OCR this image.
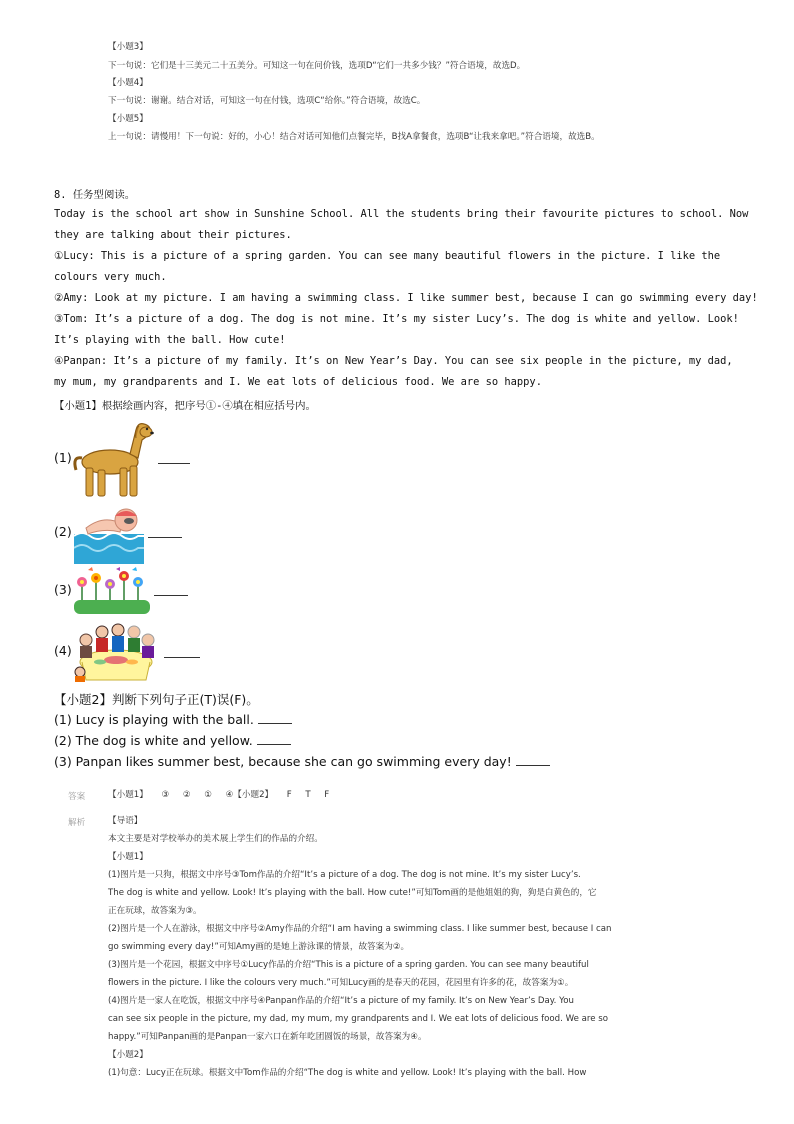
【小题3】
下一句说：它们是十三美元二十五美分。可知这一句在问价钱，选项D“它们一共多少钱？”符合语境，故选D。
【小题4】
下一句说：谢谢。结合对话，可知这一句在付钱，选项C“给你。”符合语境，故选C。
【小题5】
上一句说：请慢用！下一句说：好的，小心！结合对话可知他们点餐完毕，B找A拿餐食，选项B“让我来拿吧。”符合语境，故选B。
8. 任务型阅读。
Today is the school art show in Sunshine School. All the students bring their favourite pictures to school. Now
they are talking about their pictures.
①Lucy: This is a picture of a spring garden. You can see many beautiful flowers in the picture. I like the
colours very much.
②Amy: Look at my picture. I am having a swimming class. I like summer best, because I can go swimming every day!
③Tom: It’s a picture of a dog. The dog is not mine. It’s my sister Lucy’s. The dog is white and yellow. Look!
It’s playing with the ball. How cute!
④Panpan: It’s a picture of my family. It’s on New Year’s Day. You can see six people in the picture, my dad,
my mum, my grandparents and I. We eat lots of delicious food. We are so happy.
【小题1】根据绘画内容，把序号①-④填在相应括号内。
(1)
(2)
(3)
(4)
【小题2】判断下列句子正(T)误(F)。
(1) Lucy is playing with the ball.
(2) The dog is white and yellow.
(3) Panpan likes summer best, because she can go swimming every day!
答案	【小题1】     ③     ②     ①     ④【小题2】     F     T     F
解析	【导语】
本文主要是对学校举办的美术展上学生们的作品的介绍。
【小题1】
(1)图片是一只狗，根据文中序号③Tom作品的介绍“It’s a picture of a dog. The dog is not mine. It’s my sister Lucy’s.
The dog is white and yellow. Look! It’s playing with the ball. How cute!”可知Tom画的是他姐姐的狗，狗是白黄色的，它
正在玩球，故答案为③。
(2)图片是一个人在游泳，根据文中序号②Amy作品的介绍“I am having a swimming class. I like summer best, because I can
go swimming every day!”可知Amy画的是她上游泳课的情景，故答案为②。
(3)图片是一个花园，根据文中序号①Lucy作品的介绍“This is a picture of a spring garden. You can see many beautiful
flowers in the picture. I like the colours very much.”可知Lucy画的是春天的花园，花园里有许多的花，故答案为①。
(4)图片是一家人在吃饭，根据文中序号④Panpan作品的介绍“It’s a picture of my family. It’s on New Year’s Day. You
can see six people in the picture, my dad, my mum, my grandparents and I. We eat lots of delicious food. We are so
happy.”可知Panpan画的是Panpan一家六口在新年吃团圆饭的场景，故答案为④。
【小题2】
(1)句意：Lucy正在玩球。根据文中Tom作品的介绍“The dog is white and yellow. Look! It’s playing with the ball. How
